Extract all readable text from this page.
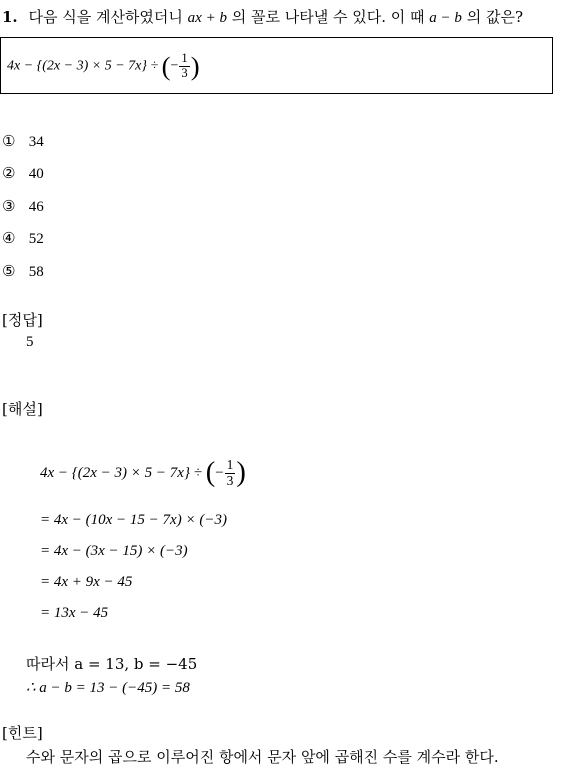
1. 다음 식을 계산하였더니 ax + b 의 꼴로 나타낼 수 있다. 이 때 a − b 의 값은?
4x − {(2x − 3) × 5 − 7x} ÷ (− $\frac{1}{3}$ )
① 34
② 40
③ 46
④ 52
⑤ 58
[정답]
5
[해설]
4x − {(2x − 3) × 5 − 7x} ÷ (− $\frac{1}{3}$ )
= 4x − (10x − 15 − 7x) × (−3)
= 4x − (3x − 15) × (−3)
= 4x + 9x − 45
= 13x − 45
따라서 a = 13, b = −45
∴ a − b = 13 − (−45) = 58
[힌트]
수와 문자의 곱으로 이루어진 항에서 문자 앞에 곱해진 수를 계수라 한다.
